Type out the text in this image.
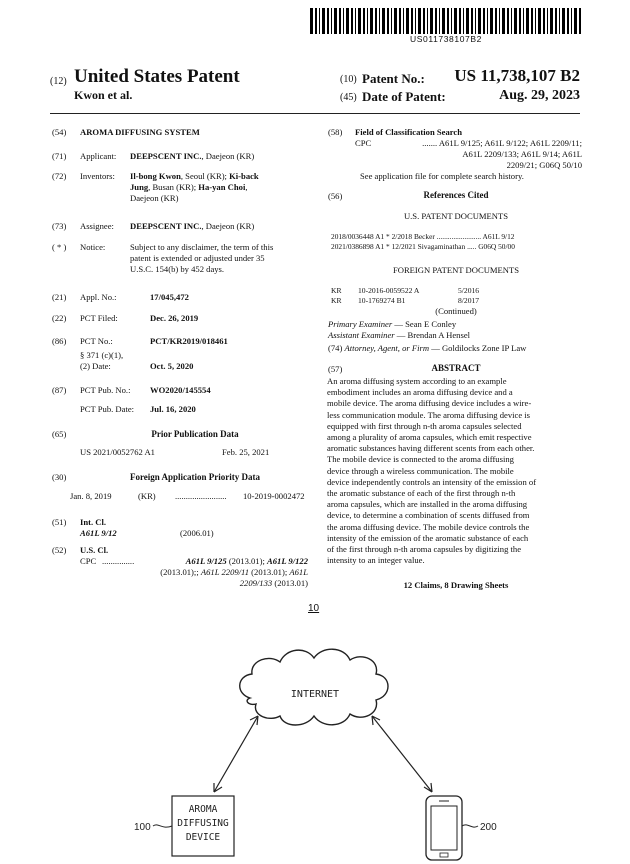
US011738107B2
(12) United States Patent
Kwon et al.
(10) Patent No.:	US 11,738,107 B2
(45) Date of Patent:	Aug. 29, 2023
(54) AROMA DIFFUSING SYSTEM
(71) Applicant: DEEPSCENT INC., Daejeon (KR)
(72) Inventors: Il-bong Kwon, Seoul (KR); Ki-back
Jung, Busan (KR); Ha-yan Choi,
Daejeon (KR)
(73) Assignee: DEEPSCENT INC., Daejeon (KR)
( * ) Notice:	Subject to any disclaimer, the term of this
patent is extended or adjusted under 35
U.S.C. 154(b) by 452 days.
(21) Appl. No.:	17/045,472
(22) PCT Filed:	Dec. 26, 2019
(86) PCT No.:	PCT/KR2019/018461
§ 371 (c)(1),
(2) Date:	Oct. 5, 2020
(87) PCT Pub. No.: WO2020/145554
PCT Pub. Date: Jul. 16, 2020
(65)	Prior Publication Data
US 2021/0052762 A1	Feb. 25, 2021
(30)	Foreign Application Priority Data
Jan. 8, 2019	(KR) ........................ 10-2019-0002472
(51) Int. Cl.
A61L 9/12	(2006.01)
(52) U.S. Cl.
CPC ...............	A61L 9/125 (2013.01); A61L 9/122
(2013.01);; A61L 2209/11 (2013.01); A61L
2209/133 (2013.01)
(58) Field of Classification Search
CPC	....... A61L 9/125; A61L 9/122; A61L 2209/11;
A61L 2209/133; A61L 9/14; A61L
2209/21; G06Q 50/10
See application file for complete search history.
(56)	References Cited
U.S. PATENT DOCUMENTS
2018/0036448 A1 * 2/2018 Becker ........................ A61L 9/12
2021/0386898 A1 * 12/2021 Sivagaminathan ..... G06Q 50/00
FOREIGN PATENT DOCUMENTS
KR 10-2016-0059522 A	5/2016
KR 10-1769274 B1	8/2017
(Continued)
Primary Examiner — Sean E Conley
Assistant Examiner — Brendan A Hensel
(74) Attorney, Agent, or Firm — Goldilocks Zone IP Law
(57)	ABSTRACT
An aroma diffusing system according to an example
embodiment includes an aroma diffusing device and a
mobile device. The aroma diffusing device includes a wire-
less communication module. The aroma diffusing device is
equipped with first through n-th aroma capsules selected
among a plurality of aroma capsules, which emit respective
aromatic substances having different scents from each other.
The mobile device is connected to the aroma diffusing
device through a wireless communication. The mobile
device independently controls an intensity of the emission of
the aromatic substance of each of the first through n-th
aroma capsules, which are installed in the aroma diffusing
device, to determine a combination of scents diffused from
the aroma diffusing device. The mobile device controls the
intensity of the emission of the aromatic substance of each
of the first through n-th aroma capsules by digitizing the
intensity to an integer value.
12 Claims, 8 Drawing Sheets
INTERNET
AROMA
DIFFUSING
DEVICE
100	200
10
